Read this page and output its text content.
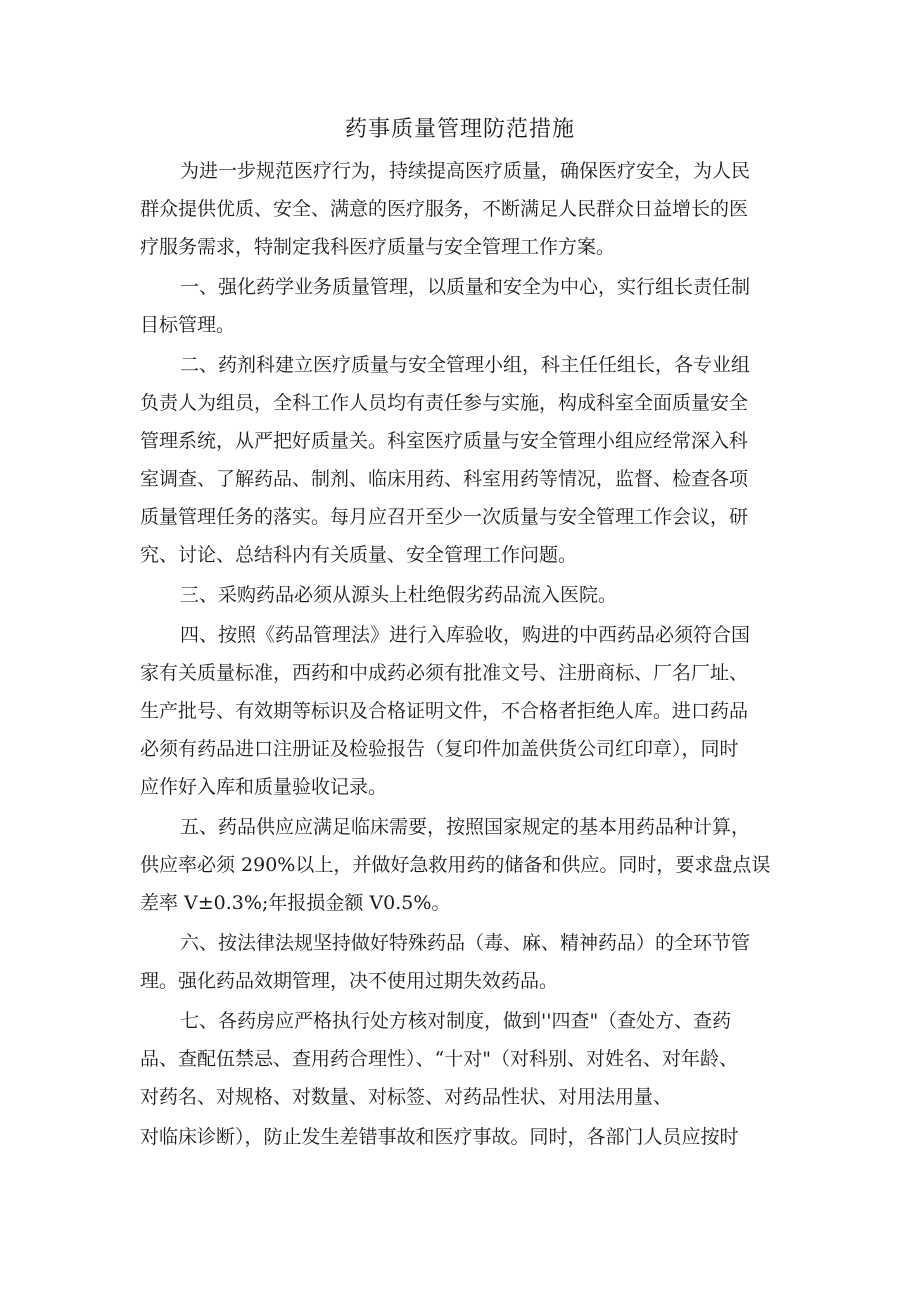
药事质量管理防范措施
为进一步规范医疗行为，持续提高医疗质量，确保医疗安全，为人民
群众提供优质、安全、满意的医疗服务，不断满足人民群众日益增长的医
疗服务需求，特制定我科医疗质量与安全管理工作方案。
一、强化药学业务质量管理，以质量和安全为中心，实行组长责任制
目标管理。
二、药剂科建立医疗质量与安全管理小组，科主任任组长，各专业组
负责人为组员，全科工作人员均有责任参与实施，构成科室全面质量安全
管理系统，从严把好质量关。科室医疗质量与安全管理小组应经常深入科
室调查、了解药品、制剂、临床用药、科室用药等情况，监督、检查各项
质量管理任务的落实。每月应召开至少一次质量与安全管理工作会议，研
究、讨论、总结科内有关质量、安全管理工作问题。
三、采购药品必须从源头上杜绝假劣药品流入医院。
四、按照《药品管理法》进行入库验收，购进的中西药品必须符合国
家有关质量标准，西药和中成药必须有批准文号、注册商标、厂名厂址、
生产批号、有效期等标识及合格证明文件，不合格者拒绝人库。进口药品
必须有药品进口注册证及检验报告（复印件加盖供货公司红印章），同时
应作好入库和质量验收记录。
五、药品供应应满足临床需要，按照国家规定的基本用药品种计算，
供应率必须 290%以上，并做好急救用药的储备和供应。同时，要求盘点误
差率 V±0.3%;年报损金额 V0.5%。
六、按法律法规坚持做好特殊药品（毒、麻、精神药品）的全环节管
理。强化药品效期管理，决不使用过期失效药品。
七、各药房应严格执行处方核对制度，做到''四查"（查处方、查药
品、查配伍禁忌、查用药合理性）、“十对"（对科别、对姓名、对年龄、
对药名、对规格、对数量、对标签、对药品性状、对用法用量、
对临床诊断），防止发生差错事故和医疗事故。同时，各部门人员应按时
